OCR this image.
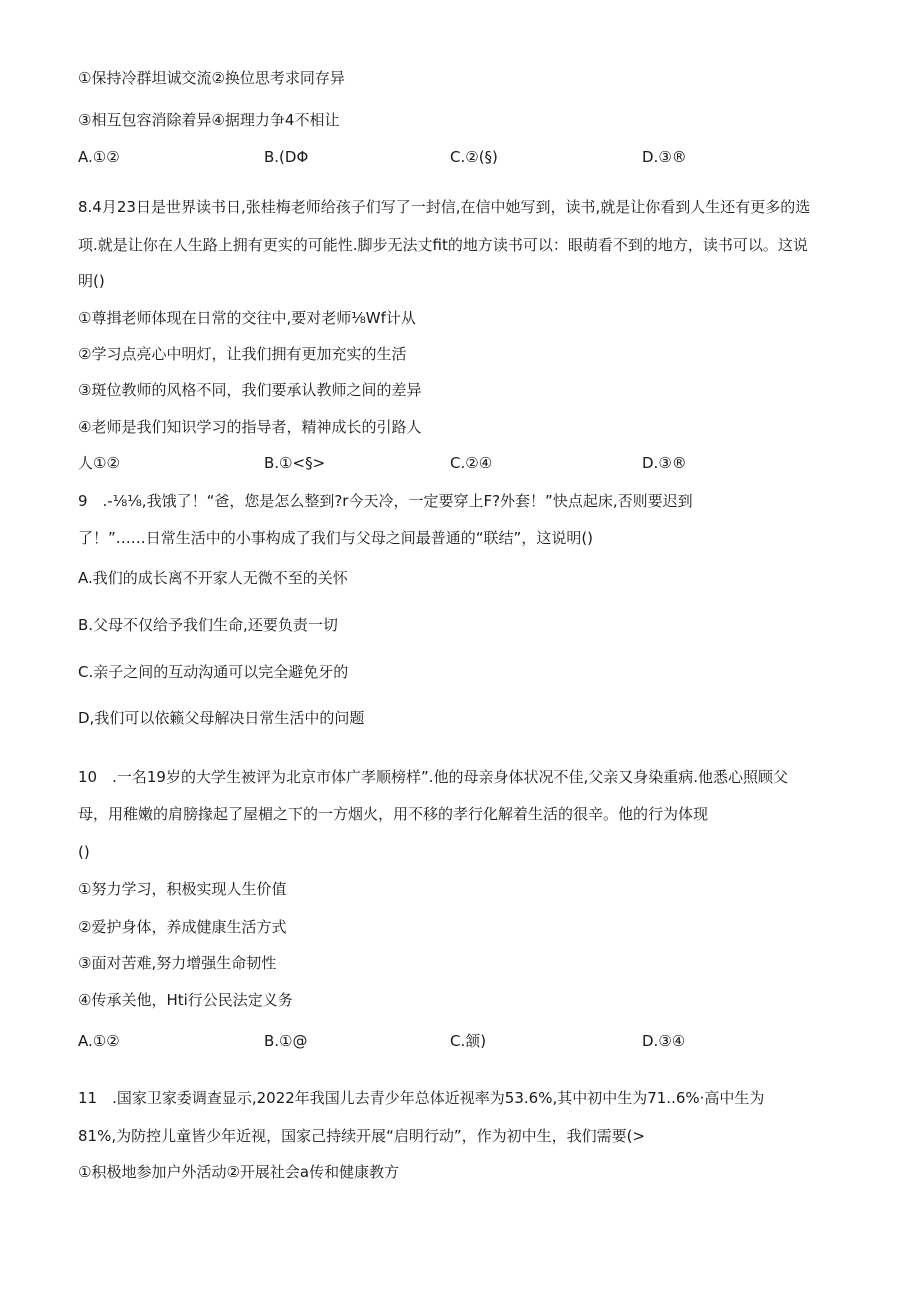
①保持冷群坦诚交流②换位思考求同存异
③相互包容消除着异④据理力争4不相让
A.①②	B.(DΦ	C.②(§)	D.③®
8.4月23日是世界读书日,张桂梅老师给孩子们写了一封信,在信中她写到，读书,就是让你看到人生还有更多的选
项.就是让你在人生路上拥有更实的可能性.脚步无法丈fit的地方读书可以：眼萌看不到的地方，读书可以。这说
明()
①尊揖老师体现在日常的交往中,要对老师⅛Wf计从
②学习点亮心中明灯，让我们拥有更加充实的生活
③斑位教师的风格不同，我们要承认教师之间的差异
④老师是我们知识学习的指导者，精神成长的引路人
人①②	B.①<§>	C.②④	D.③®
9　.-⅛⅛,我饿了！“爸，您是怎么整到?r今天冷，一定要穿上F?外套！”快点起床,否则要迟到
了！”……日常生活中的小事构成了我们与父母之间最普通的“联结”，这说明()
A.我们的成长离不开家人无微不至的关怀
B.父母不仅给予我们生命,还要负责一切
C.亲子之间的互动沟通可以完全避免牙的
D,我们可以依籁父母解决日常生活中的问题
10　.一名19岁的大学生被评为北京市体广孝顺榜样”.他的母亲身体状况不佳,父亲又身染重病.他悉心照顾父
母，用稚嫩的肩膀掾起了屋楣之下的一方烟火，用不移的孝行化解着生活的很辛。他的行为体现
()
①努力学习，积极实现人生价值
②爱护身体，养成健康生活方式
③面对苦难,努力增强生命韧性
④传承关他，Hti行公民法定义务
A.①②	B.①@	C.颔)	D.③④
11　.国家卫家委调查显示,2022年我国儿去青少年总体近视率为53.6%,其中初中生为71..6%·高中生为
81%,为防控儿童皆少年近视，国家己持续开展“启明行动”，作为初中生，我们需要(>
①积极地参加户外活动②开展社会a传和健康教方
